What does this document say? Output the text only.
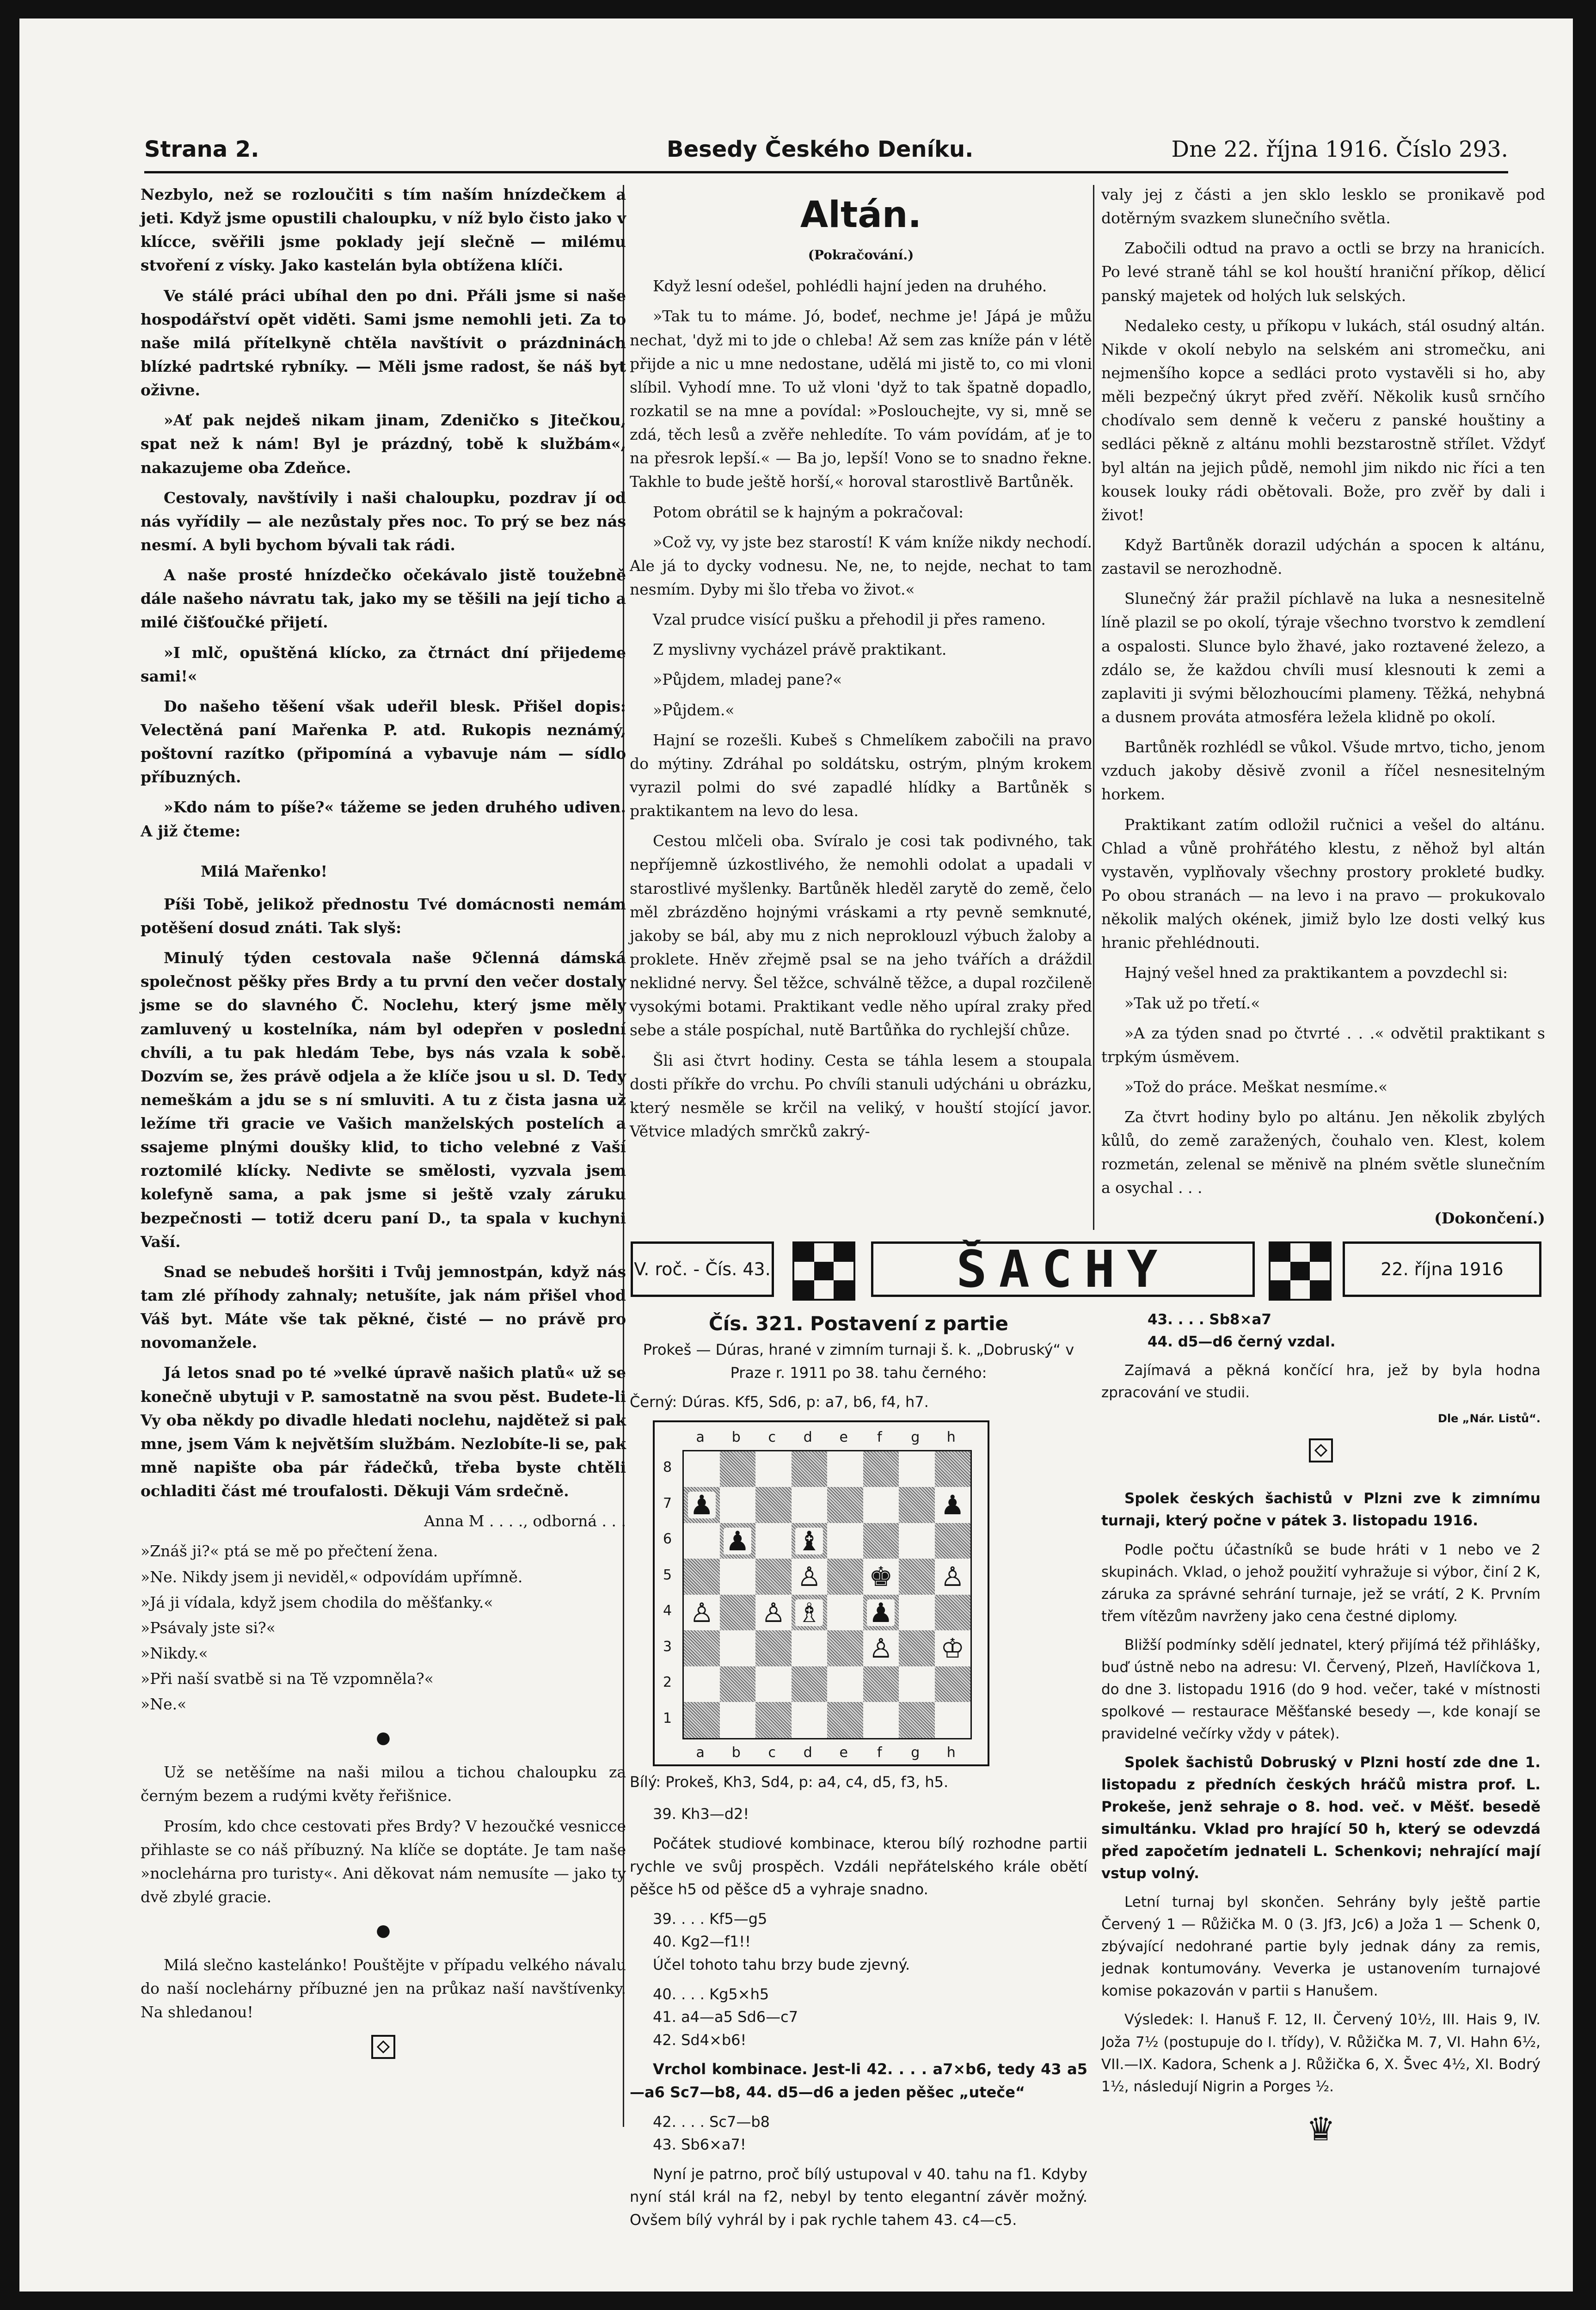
Strana 2.	Besedy Českého Deníku.	Dne 22. října 1916. Číslo 293.

Nezbylo, než se rozloučiti s tím naším hnízdečkem a jeti. Když jsme opustili chaloupku, v níž bylo čisto jako v klícce, svěřili jsme poklady její slečně — milému stvoření z vísky. Jako kastelán byla obtížena klíči.

Ve stálé práci ubíhal den po dni. Přáli jsme si naše hospodářství opět viděti. Sami jsme nemohli jeti. Za to naše milá přítelkyně chtěla navštívit o prázdninách blízké padrtské rybníky. — Měli jsme radost, še náš byt oživne.

»Ať pak nejdeš nikam jinam, Zdeničko s Jitečkou, spat než k nám! Byl je prázdný, tobě k službám«, nakazujeme oba Zdeňce.

Cestovaly, navštívily i naši chaloupku, pozdrav jí od nás vyřídily — ale nezůstaly přes noc. To prý se bez nás nesmí. A byli bychom bývali tak rádi.

A naše prosté hnízdečko očekávalo jistě toužebně dále našeho návratu tak, jako my se těšili na její ticho a milé čišťoučké přijetí.

»I mlč, opuštěná klícko, za čtrnáct dní přijedeme sami!«

Do našeho těšení však udeřil blesk. Přišel dopis: Velectěná paní Mařenka P. atd. Rukopis neznámý, poštovní razítko (připomíná a vybavuje nám — sídlo příbuzných.

»Kdo nám to píše?« tážeme se jeden druhého udiven. A již čteme:

Milá Mařenko!

Píši Tobě, jelikož přednostu Tvé domácnosti nemám potěšení dosud znáti. Tak slyš:

Minulý týden cestovala naše 9členná dámská společnost pěšky přes Brdy a tu první den večer dostaly jsme se do slavného Č. Noclehu, který jsme měly zamluvený u kostelníka, nám byl odepřen v poslední chvíli, a tu pak hledám Tebe, bys nás vzala k sobě. Dozvím se, žes právě odjela a že klíče jsou u sl. D. Tedy nemeškám a jdu se s ní smluviti. A tu z čista jasna už ležíme tři gracie ve Vašich manželských postelích a ssajeme plnými doušky klid, to ticho velebné z Vaší roztomilé klícky. Nedivte se smělosti, vyzvala jsem kolefyně sama, a pak jsme si ještě vzaly záruku bezpečnosti — totiž dceru paní D., ta spala v kuchyni Vaší.

Snad se nebudeš horšiti i Tvůj jemnostpán, když nás tam zlé příhody zahnaly; netušíte, jak nám přišel vhod Váš byt. Máte vše tak pěkné, čisté — no právě pro novomanžele.

Já letos snad po té »velké úpravě našich platů« už se konečně ubytuji v P. samostatně na svou pěst. Budete-li Vy oba někdy po divadle hledati noclehu, najdětež si pak mne, jsem Vám k největším službám. Nezlobíte-li se, pak mně napište oba pár řádečků, třeba byste chtěli ochladiti část mé troufalosti. Děkuji Vám srdečně.

Anna M . . . ., odborná . . .

»Znáš ji?« ptá se mě po přečtení žena.

»Ne. Nikdy jsem ji neviděl,« odpovídám upřímně.

»Já ji vídala, když jsem chodila do měšťanky.«

»Psávaly jste si?«

»Nikdy.«

»Při naší svatbě si na Tě vzpomněla?«

»Ne.«

●

Už se netěšíme na naši milou a tichou chaloupku za černým bezem a rudými květy řeřišnice.

Prosím, kdo chce cestovati přes Brdy? V hezoučké vesnicce přihlaste se co náš příbuzný. Na klíče se doptáte. Je tam naše »noclehárna pro turisty«. Ani děkovat nám nemusíte — jako ty dvě zbylé gracie.

●

Milá slečno kastelánko! Pouštějte v případu velkého návalu do naší noclehárny příbuzné jen na průkaz naší navštívenky. Na shledanou!

Altán.
(Pokračování.)

Když lesní odešel, pohlédli hajní jeden na druhého.

»Tak tu to máme. Jó, bodeť, nechme je! Jápá je můžu nechat, 'dyž mi to jde o chleba! Až sem zas kníže pán v létě přijde a nic u mne nedostane, udělá mi jistě to, co mi vloni slíbil. Vyhodí mne. To už vloni 'dyž to tak špatně dopadlo, rozkatil se na mne a povídal: »Poslouchejte, vy si, mně se zdá, těch lesů a zvěře nehledíte. To vám povídám, ať je to na přesrok lepší.« — Ba jo, lepší! Vono se to snadno řekne. Takhle to bude ještě horší,« horoval starostlivě Bartůněk.

Potom obrátil se k hajným a pokračoval:

»Což vy, vy jste bez starostí! K vám kníže nikdy nechodí. Ale já to dycky vodnesu. Ne, ne, to nejde, nechat to tam nesmím. Dyby mi šlo třeba vo život.«

Vzal prudce visící pušku a přehodil ji přes rameno.

Z myslivny vycházel právě praktikant.

»Půjdem, mladej pane?«

»Půjdem.«

Hajní se rozešli. Kubeš s Chmelíkem zabočili na pravo do mýtiny. Zdráhal po soldátsku, ostrým, plným krokem vyrazil polmi do své zapadlé hlídky a Bartůněk s praktikantem na levo do lesa.

Cestou mlčeli oba. Svíralo je cosi tak podivného, tak nepříjemně úzkostlivého, že nemohli odolat a upadali v starostlivé myšlenky. Bartůněk hleděl zarytě do země, čelo měl zbrázděno hojnými vráskami a rty pevně semknuté, jakoby se bál, aby mu z nich neproklouzl výbuch žaloby a proklete. Hněv zřejmě psal se na jeho tvářích a dráždil neklidné nervy. Šel těžce, schválně těžce, a dupal rozčileně vysokými botami. Praktikant vedle něho upíral zraky před sebe a stále pospíchal, nutě Bartůňka do rychlejší chůze.

Šli asi čtvrt hodiny. Cesta se táhla lesem a stoupala dosti příkře do vrchu. Po chvíli stanuli udýcháni u obrázku, který nesměle se krčil na veliký, v houští stojící javor. Větvice mladých smrčků zakrý-

valy jej z části a jen sklo lesklo se pronikavě pod dotěrným svazkem slunečního světla.

Zabočili odtud na pravo a octli se brzy na hranicích. Po levé straně táhl se kol houští hraniční příkop, dělicí panský majetek od holých luk selských.

Nedaleko cesty, u příkopu v lukách, stál osudný altán. Nikde v okolí nebylo na selském ani stromečku, ani nejmenšího kopce a sedláci proto vystavěli si ho, aby měli bezpečný úkryt před zvěří. Několik kusů srnčího chodívalo sem denně k večeru z panské houštiny a sedláci pěkně z altánu mohli bezstarostně střílet. Vždyť byl altán na jejich půdě, nemohl jim nikdo nic říci a ten kousek louky rádi obětovali. Bože, pro zvěř by dali i život!

Když Bartůněk dorazil udýchán a spocen k altánu, zastavil se nerozhodně.

Slunečný žár pražil píchlavě na luka a nesnesitelně líně plazil se po okolí, týraje všechno tvorstvo k zemdlení a ospalosti. Slunce bylo žhavé, jako roztavené železo, a zdálo se, že každou chvíli musí klesnouti k zemi a zaplaviti ji svými bělozhoucími plameny. Těžká, nehybná a dusnem prováta atmosféra ležela klidně po okolí.

Bartůněk rozhlédl se vůkol. Všude mrtvo, ticho, jenom vzduch jakoby děsivě zvonil a říčel nesnesitelným horkem.

Praktikant zatím odložil ručnici a vešel do altánu. Chlad a vůně prohřátého klestu, z něhož byl altán vystavěn, vyplňovaly všechny prostory prokleté budky. Po obou stranách — na levo i na pravo — prokukovalo několik malých okének, jimiž bylo lze dosti velký kus hranic přehlédnouti.

Hajný vešel hned za praktikantem a povzdechl si:

»Tak už po třetí.«

»A za týden snad po čtvrté . . .« odvětil praktikant s trpkým úsměvem.

»Tož do práce. Meškat nesmíme.«

Za čtvrt hodiny bylo po altánu. Jen několik zbylých kůlů, do země zaražených, čouhalo ven. Klest, kolem rozmetán, zelenal se měnivě na plném světle slunečním a osychal . . .

(Dokončení.)

V. roč. - Čís. 43.	ŠACHY	22. října 1916
Čís. 321. Postavení z partie

Prokeš — Dúras, hrané v zimním turnaji š. k. „Dobruský“ v Praze r. 1911 po 38. tahu černého:

Černý: Dúras. Kf5, Sd6, p: a7, b6, f4, h7.

a	b	c	d	e	f	g	h
8
7
6
5
4
3
2
1
♟	♟
♟ ♝
♙ ♚ ♙
♙ ♙ ♗ ♟
♙ ♔
a	b	c	d	e	f	g	h

Bílý: Prokeš, Kh3, Sd4, p: a4, c4, d5, f3, h5.

39. Kh3—d2!

Počátek studiové kombinace, kterou bílý rozhodne partii rychle ve svůj prospěch. Vzdáli nepřátelského krále obětí pěšce h5 od pěšce d5 a vyhraje snadno.

39. . . . Kf5—g5

40. Kg2—f1!!

Účel tohoto tahu brzy bude zjevný.

40. . . . Kg5×h5

41. a4—a5 Sd6—c7

42. Sd4×b6!

Vrchol kombinace. Jest-li 42. . . . a7×b6, tedy 43 a5—a6 Sc7—b8, 44. d5—d6 a jeden pěšec „uteče“

42. . . . Sc7—b8

43. Sb6×a7!

Nyní je patrno, proč bílý ustupoval v 40. tahu na f1. Kdyby nyní stál král na f2, nebyl by tento elegantní závěr možný. Ovšem bílý vyhrál by i pak rychle tahem 43. c4—c5.

43. . . . Sb8×a7

44. d5—d6 černý vzdal.

Zajímavá a pěkná končící hra, jež by byla hodna zpracování ve studii.

Dle „Nár. Listů“.

Spolek českých šachistů v Plzni zve k zimnímu turnaji, který počne v pátek 3. listopadu 1916.

Podle počtu účastníků se bude hráti v 1 nebo ve 2 skupinách. Vklad, o jehož použití vyhražuje si výbor, činí 2 K, záruka za správné sehrání turnaje, jež se vrátí, 2 K. Prvním třem vítězům navrženy jako cena čestné diplomy.

Bližší podmínky sdělí jednatel, který přijímá též přihlášky, buď ústně nebo na adresu: VI. Červený, Plzeň, Havlíčkova 1, do dne 3. listopadu 1916 (do 9 hod. večer, také v místnosti spolkové — restaurace Měšťanské besedy —, kde konají se pravidelné večírky vždy v pátek).

Spolek šachistů Dobruský v Plzni hostí zde dne 1. listopadu z předních českých hráčů mistra prof. L. Prokeše, jenž sehraje o 8. hod. več. v Měšť. besedě simultánku. Vklad pro hrající 50 h, který se odevzdá před započetím jednateli L. Schenkovi; nehrající mají vstup volný.

Letní turnaj byl skončen. Sehrány byly ještě partie Červený 1 — Růžička M. 0 (3. Jf3, Jc6) a Joža 1 — Schenk 0, zbývající nedohrané partie byly jednak dány za remis, jednak kontumovány. Veverka je ustanovením turnajové komise pokazován v partii s Hanušem.

Výsledek: I. Hanuš F. 12, II. Červený 10½, III. Hais 9, IV. Joža 7½ (postupuje do I. třídy), V. Růžička M. 7, VI. Hahn 6½, VII.—IX. Kadora, Schenk a J. Růžička 6, X. Švec 4½, XI. Bodrý 1½, následují Nigrin a Porges ½.

♛
